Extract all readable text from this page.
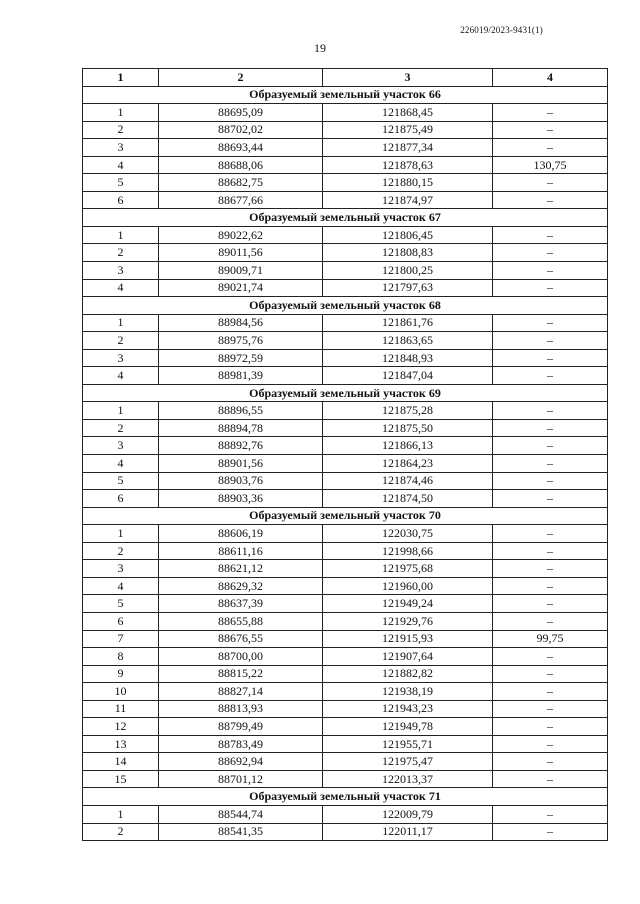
226019/2023-9431(1)
19
1	2	3	4
Образуемый земельный участок 66			
1	88695,09	121868,45	–
2	88702,02	121875,49	–
3	88693,44	121877,34	–
4	88688,06	121878,63	130,75
5	88682,75	121880,15	–
6	88677,66	121874,97	–
Образуемый земельный участок 67			
1	89022,62	121806,45	–
2	89011,56	121808,83	–
3	89009,71	121800,25	–
4	89021,74	121797,63	–
Образуемый земельный участок 68			
1	88984,56	121861,76	–
2	88975,76	121863,65	–
3	88972,59	121848,93	–
4	88981,39	121847,04	–
Образуемый земельный участок 69			
1	88896,55	121875,28	–
2	88894,78	121875,50	–
3	88892,76	121866,13	–
4	88901,56	121864,23	–
5	88903,76	121874,46	–
6	88903,36	121874,50	–
Образуемый земельный участок 70			
1	88606,19	122030,75	–
2	88611,16	121998,66	–
3	88621,12	121975,68	–
4	88629,32	121960,00	–
5	88637,39	121949,24	–
6	88655,88	121929,76	–
7	88676,55	121915,93	99,75
8	88700,00	121907,64	–
9	88815,22	121882,82	–
10	88827,14	121938,19	–
11	88813,93	121943,23	–
12	88799,49	121949,78	–
13	88783,49	121955,71	–
14	88692,94	121975,47	–
15	88701,12	122013,37	–
Образуемый земельный участок 71			
1	88544,74	122009,79	–
2	88541,35	122011,17	–
